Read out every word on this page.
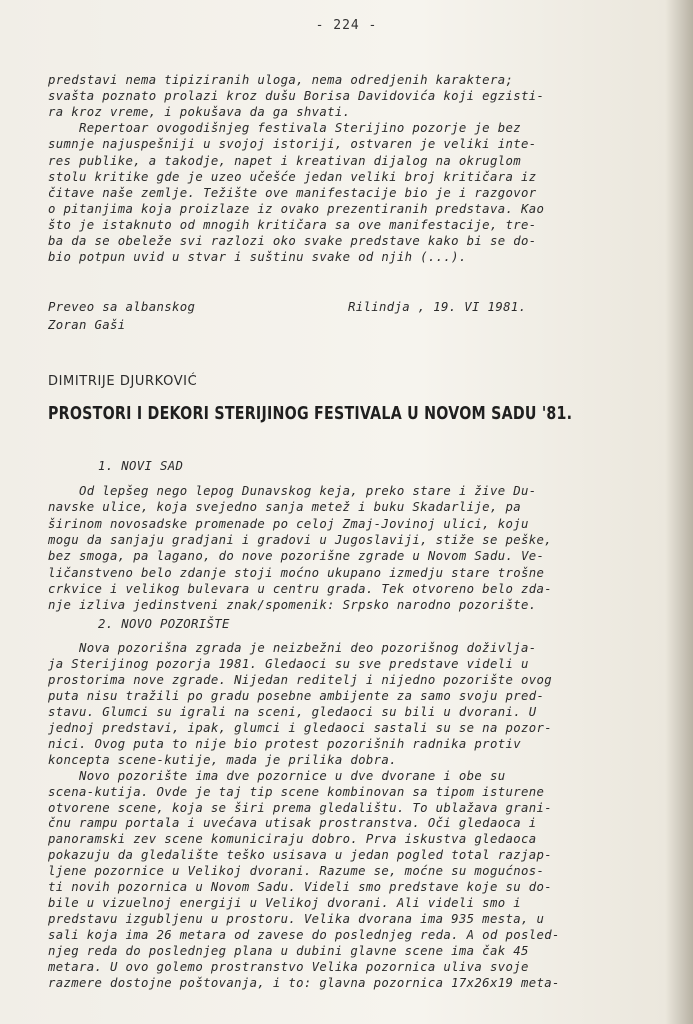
- 224 -
predstavi nema tipiziranih uloga, nema odredjenih karaktera;
svašta poznato prolazi kroz dušu Borisa Davidovića koji egzisti-
ra kroz vreme, i pokušava da ga shvati.
Repertoar ovogodišnjeg festivala Sterijino pozorje je bez
sumnje najuspešniji u svojoj istoriji, ostvaren je veliki inte-
res publike, a takodje, napet i kreativan dijalog na okruglom
stolu kritike gde je uzeo učešće jedan veliki broj kritičara iz
čitave naše zemlje. Težište ove manifestacije bio je i razgovor
o pitanjima koja proizlaze iz ovako prezentiranih predstava. Kao
što je istaknuto od mnogih kritičara sa ove manifestacije, tre-
ba da se obeleže svi razlozi oko svake predstave kako bi se do-
bio potpun uvid u stvar i suštinu svake od njih (...).
Preveo sa albanskog	Rilindja , 19. VI 1981.
Zoran Gaši
DIMITRIJE DJURKOVIĆ
PROSTORI I DEKORI STERIJINOG FESTIVALA U NOVOM SADU '81.
1. NOVI SAD
Od lepšeg nego lepog Dunavskog keja, preko stare i žive Du-
navske ulice, koja svejedno sanja metež i buku Skadarlije, pa
širinom novosadske promenade po celoj Zmaj-Jovinoj ulici, koju
mogu da sanjaju gradjani i gradovi u Jugoslaviji, stiže se peške,
bez smoga, pa lagano, do nove pozorišne zgrade u Novom Sadu. Ve-
ličanstveno belo zdanje stoji moćno ukupano izmedju stare trošne
crkvice i velikog bulevara u centru grada. Tek otvoreno belo zda-
nje izliva jedinstveni znak/spomenik: Srpsko narodno pozorište.
2. NOVO POZORIŠTE
Nova pozorišna zgrada je neizbežni deo pozorišnog doživlja-
ja Sterijinog pozorja 1981. Gledaoci su sve predstave videli u
prostorima nove zgrade. Nijedan reditelj i nijedno pozorište ovog
puta nisu tražili po gradu posebne ambijente za samo svoju pred-
stavu. Glumci su igrali na sceni, gledaoci su bili u dvorani. U
jednoj predstavi, ipak, glumci i gledaoci sastali su se na pozor-
nici. Ovog puta to nije bio protest pozorišnih radnika protiv
koncepta scene-kutije, mada je prilika dobra.
Novo pozorište ima dve pozornice u dve dvorane i obe su
scena-kutija. Ovde je taj tip scene kombinovan sa tipom isturene
otvorene scene, koja se širi prema gledalištu. To ublažava grani-
čnu rampu portala i uvećava utisak prostranstva. Oči gledaoca i
panoramski zev scene komuniciraju dobro. Prva iskustva gledaoca
pokazuju da gledalište teško usisava u jedan pogled total razjap-
ljene pozornice u Velikoj dvorani. Razume se, moćne su mogućnos-
ti novih pozornica u Novom Sadu. Videli smo predstave koje su do-
bile u vizuelnoj energiji u Velikoj dvorani. Ali videli smo i
predstavu izgubljenu u prostoru. Velika dvorana ima 935 mesta, u
sali koja ima 26 metara od zavese do poslednjeg reda. A od posled-
njeg reda do poslednjeg plana u dubini glavne scene ima čak 45
metara. U ovo golemo prostranstvo Velika pozornica uliva svoje
razmere dostojne poštovanja, i to: glavna pozornica 17x26x19 meta-
